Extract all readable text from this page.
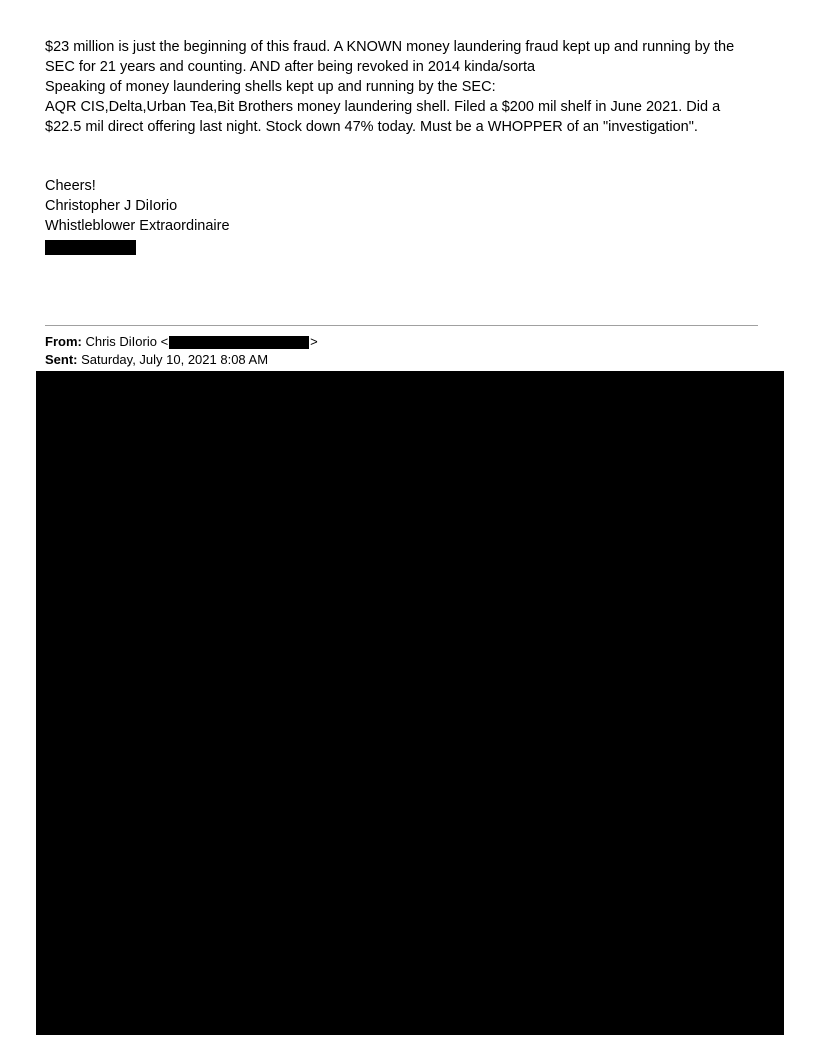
$23 million is just the beginning of this fraud. A KNOWN money laundering fraud kept up and running by the SEC for 21 years and counting. AND after being revoked in 2014 kinda/sorta

Speaking of money laundering shells kept up and running by the SEC:

AQR CIS,Delta,Urban Tea,Bit Brothers money laundering shell. Filed a $200 mil shelf in June 2021. Did a $22.5 mil direct offering last night. Stock down 47% today. Must be a WHOPPER of an "investigation".

Cheers!
Christopher J DiIorio
Whistleblower Extraordinaire
From: Chris DiIorio <	>
Sent: Saturday, July 10, 2021 8:08 AM
